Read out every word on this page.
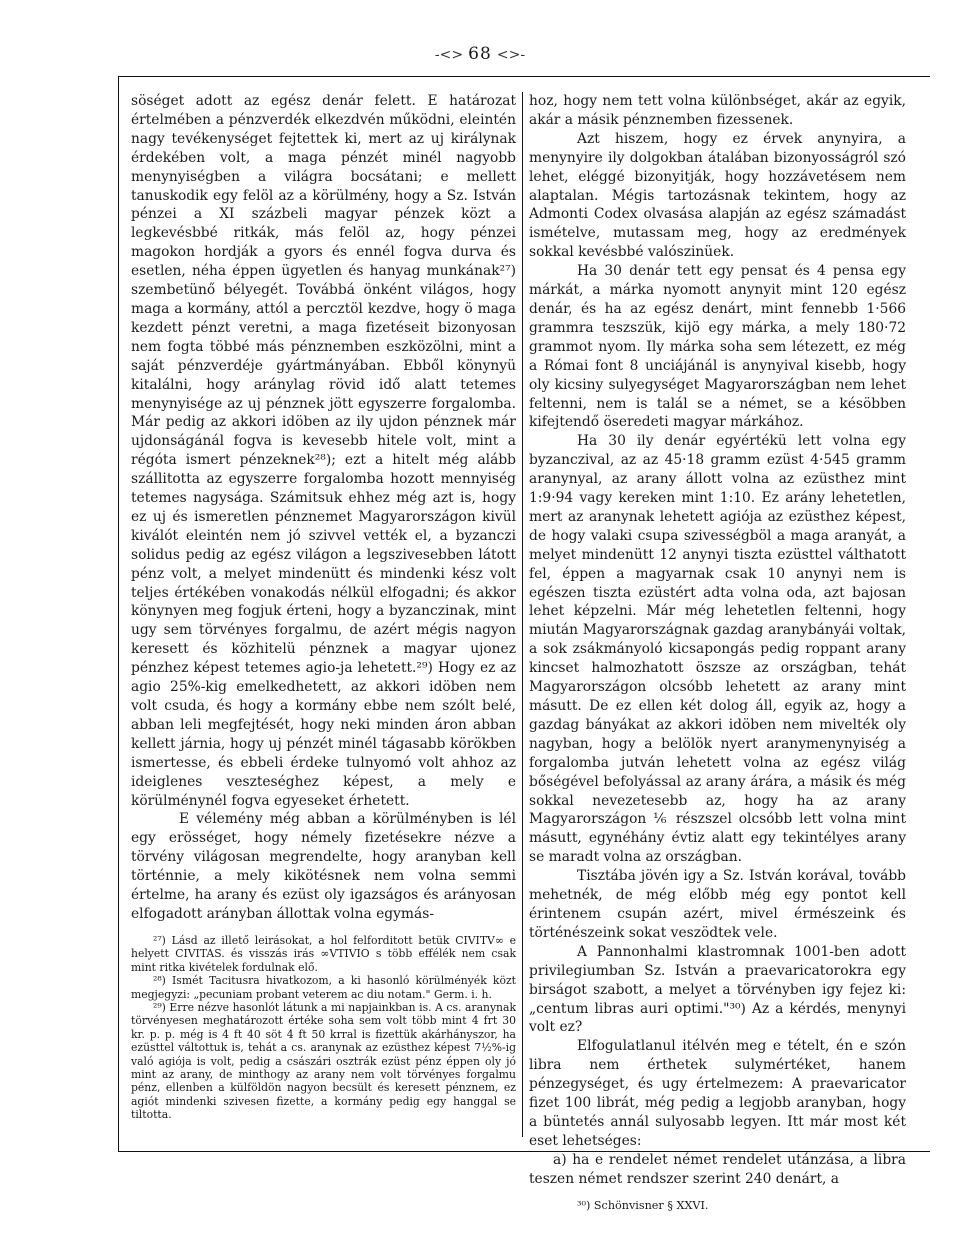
-<> 68 <>-

söséget adott az egész denár felett. E határozat értelmében a pénzverdék elkezdvén működni, eleintén nagy tevékenységet fejtettek ki, mert az uj királynak érdekében volt, a maga pénzét minél nagyobb menynyiségben a világra bocsátani; e mellett tanuskodik egy felöl az a körülmény, hogy a Sz. István pénzei a XI százbeli magyar pénzek közt a legkevésbbé ritkák, más felöl az, hogy pénzei magokon hordják a gyors és ennél fogva durva és esetlen, néha éppen ügyetlen és hanyag munkának²⁷) szembetünő bélyegét. Továbbá önként világos, hogy maga a kormány, attól a percztöl kezdve, hogy ö maga kezdett pénzt veretni, a maga fizetéseit bizonyosan nem fogta többé más pénznemben eszközölni, mint a saját pénzverdéje gyártmányában. Ebből könynyü kitalálni, hogy aránylag rövid idő alatt tetemes menynyisége az uj pénznek jött egyszerre forgalomba. Már pedig az akkori idöben az ily ujdon pénznek már ujdonságánál fogva is kevesebb hitele volt, mint a régóta ismert pénzeknek²⁸); ezt a hitelt még alább szállitotta az egyszerre forgalomba hozott mennyiség tetemes nagysága. Számitsuk ehhez még azt is, hogy ez uj és ismeretlen pénznemet Magyarországon kivül kiválót eleintén nem jó szivvel vették el, a byzanczi solidus pedig az egész világon a legszivesebben látott pénz volt, a melyet mindenütt és mindenki kész volt teljes értékében vonakodás nélkül elfogadni; és akkor könynyen meg fogjuk érteni, hogy a byzanczinak, mint ugy sem törvényes forgalmu, de azért mégis nagyon keresett és közhitelü pénznek a magyar ujonez pénzhez képest tetemes agio-ja lehetett.²⁹) Hogy ez az agio 25%-kig emelkedhetett, az akkori idöben nem volt csuda, és hogy a kormány ebbe nem szólt belé, abban leli megfejtését, hogy neki minden áron abban kellett járnia, hogy uj pénzét minél tágasabb körökben ismertesse, és ebbeli érdeke tulnyomó volt ahhoz az ideiglenes veszteséghez képest, a mely e körülménynél fogva egyeseket érhetett.

E vélemény még abban a körülményben is lél egy erösséget, hogy némely fizetésekre nézve a törvény világosan megrendelte, hogy aranyban kell történnie, a mely kikötésnek nem volna semmi értelme, ha arany és ezüst oly igazságos és arányosan elfogadott arányban állottak volna egymás-

²⁷) Lásd az illető leirásokat, a hol felforditott betük CIVITV∞ e helyett CIVITAS. és visszás irás ∞VTIVIO s több effélék nem csak mint ritka kivételek fordulnak elő.

²⁸) Ismét Tacitusra hivatkozom, a ki hasonló körülményék közt megjegyzi: „pecuniam probant veterem ac diu notam." Germ. i. h.

²⁹) Erre nézve hasonlót látunk a mi napjainkban is. A cs. aranynak törvényesen meghatározott értéke soha sem volt több mint 4 frt 30 kr. p. p. még is 4 ft 40 söt 4 ft 50 krral is fizettük akárhányszor, ha ezüsttel váltottuk is, tehát a cs. aranynak az ezüsthez képest 7½%-ig való agiója is volt, pedig a császári osztrák ezüst pénz éppen oly jó mint az arany, de minthogy az arany nem volt törvényes forgalmu pénz, ellenben a külföldön nagyon becsült és keresett pénznem, ez agiót mindenki szivesen fizette, a kormány pedig egy hanggal se tiltotta.

hoz, hogy nem tett volna különbséget, akár az egyik, akár a másik pénznemben fizessenek.

Azt hiszem, hogy ez érvek anynyira, a menynyire ily dolgokban átalában bizonyosságról szó lehet, eléggé bizonyitják, hogy hozzávetésem nem alaptalan. Mégis tartozásnak tekintem, hogy az Admonti Codex olvasása alapján az egész számadást ismételve, mutassam meg, hogy az eredmények sokkal kevésbbé valószinüek.

Ha 30 denár tett egy pensat és 4 pensa egy márkát, a márka nyomott anynyit mint 120 egész denár, és ha az egész denárt, mint fennebb 1·566 grammra teszszük, kijö egy márka, a mely 180·72 grammot nyom. Ily márka soha sem létezett, ez még a Római font 8 unciájánál is anynyival kisebb, hogy oly kicsiny sulyegységet Magyarországban nem lehet feltenni, nem is talál se a német, se a késöbben kifejtendő öseredeti magyar márkához.

Ha 30 ily denár egyértékü lett volna egy byzanczival, az az 45·18 gramm ezüst 4·545 gramm aranynyal, az arany állott volna az ezüsthez mint 1:9·94 vagy kereken mint 1:10. Ez arány lehetetlen, mert az aranynak lehetett agiója az ezüsthez képest, de hogy valaki csupa szivességböl a maga aranyát, a melyet mindenütt 12 anynyi tiszta ezüsttel válthatott fel, éppen a magyarnak csak 10 anynyi nem is egészen tiszta ezüstért adta volna oda, azt bajosan lehet képzelni. Már még lehetetlen feltenni, hogy miután Magyarországnak gazdag aranybányái voltak, a sok zsákmányoló kicsapongás pedig roppant arany kincset halmozhatott öszsze az országban, tehát Magyarországon olcsóbb lehetett az arany mint másutt. De ez ellen két dolog áll, egyik az, hogy a gazdag bányákat az akkori idöben nem mivelték oly nagyban, hogy a belölök nyert aranymenynyiség a forgalomba jutván lehetett volna az egész világ bőségével befolyással az arany árára, a másik és még sokkal nevezetesebb az, hogy ha az arany Magyarországon ⅙ részszel olcsóbb lett volna mint másutt, egynéhány évtiz alatt egy tekintélyes arany se maradt volna az országban.

Tisztába jövén igy a Sz. István korával, tovább mehetnék, de még előbb még egy pontot kell érintenem csupán azért, mivel érmészeink és történészeink sokat veszödtek vele.

A Pannonhalmi klastromnak 1001-ben adott privilegiumban Sz. István a praevaricatorokra egy birságot szabott, a melyet a törvényben igy fejez ki: „centum libras auri optimi."³⁰) Az a kérdés, menynyi volt ez?

Elfogulatlanul itélvén meg e tételt, én e szón libra nem érthetek sulymértéket, hanem pénzegységet, és ugy értelmezem: A praevaricator fizet 100 librát, még pedig a legjobb aranyban, hogy a büntetés annál sulyosabb legyen. Itt már most két eset lehetséges:

a) ha e rendelet német rendelet utánzása, a libra teszen német rendszer szerint 240 denárt, a

³⁰) Schönvisner § XXVI.
